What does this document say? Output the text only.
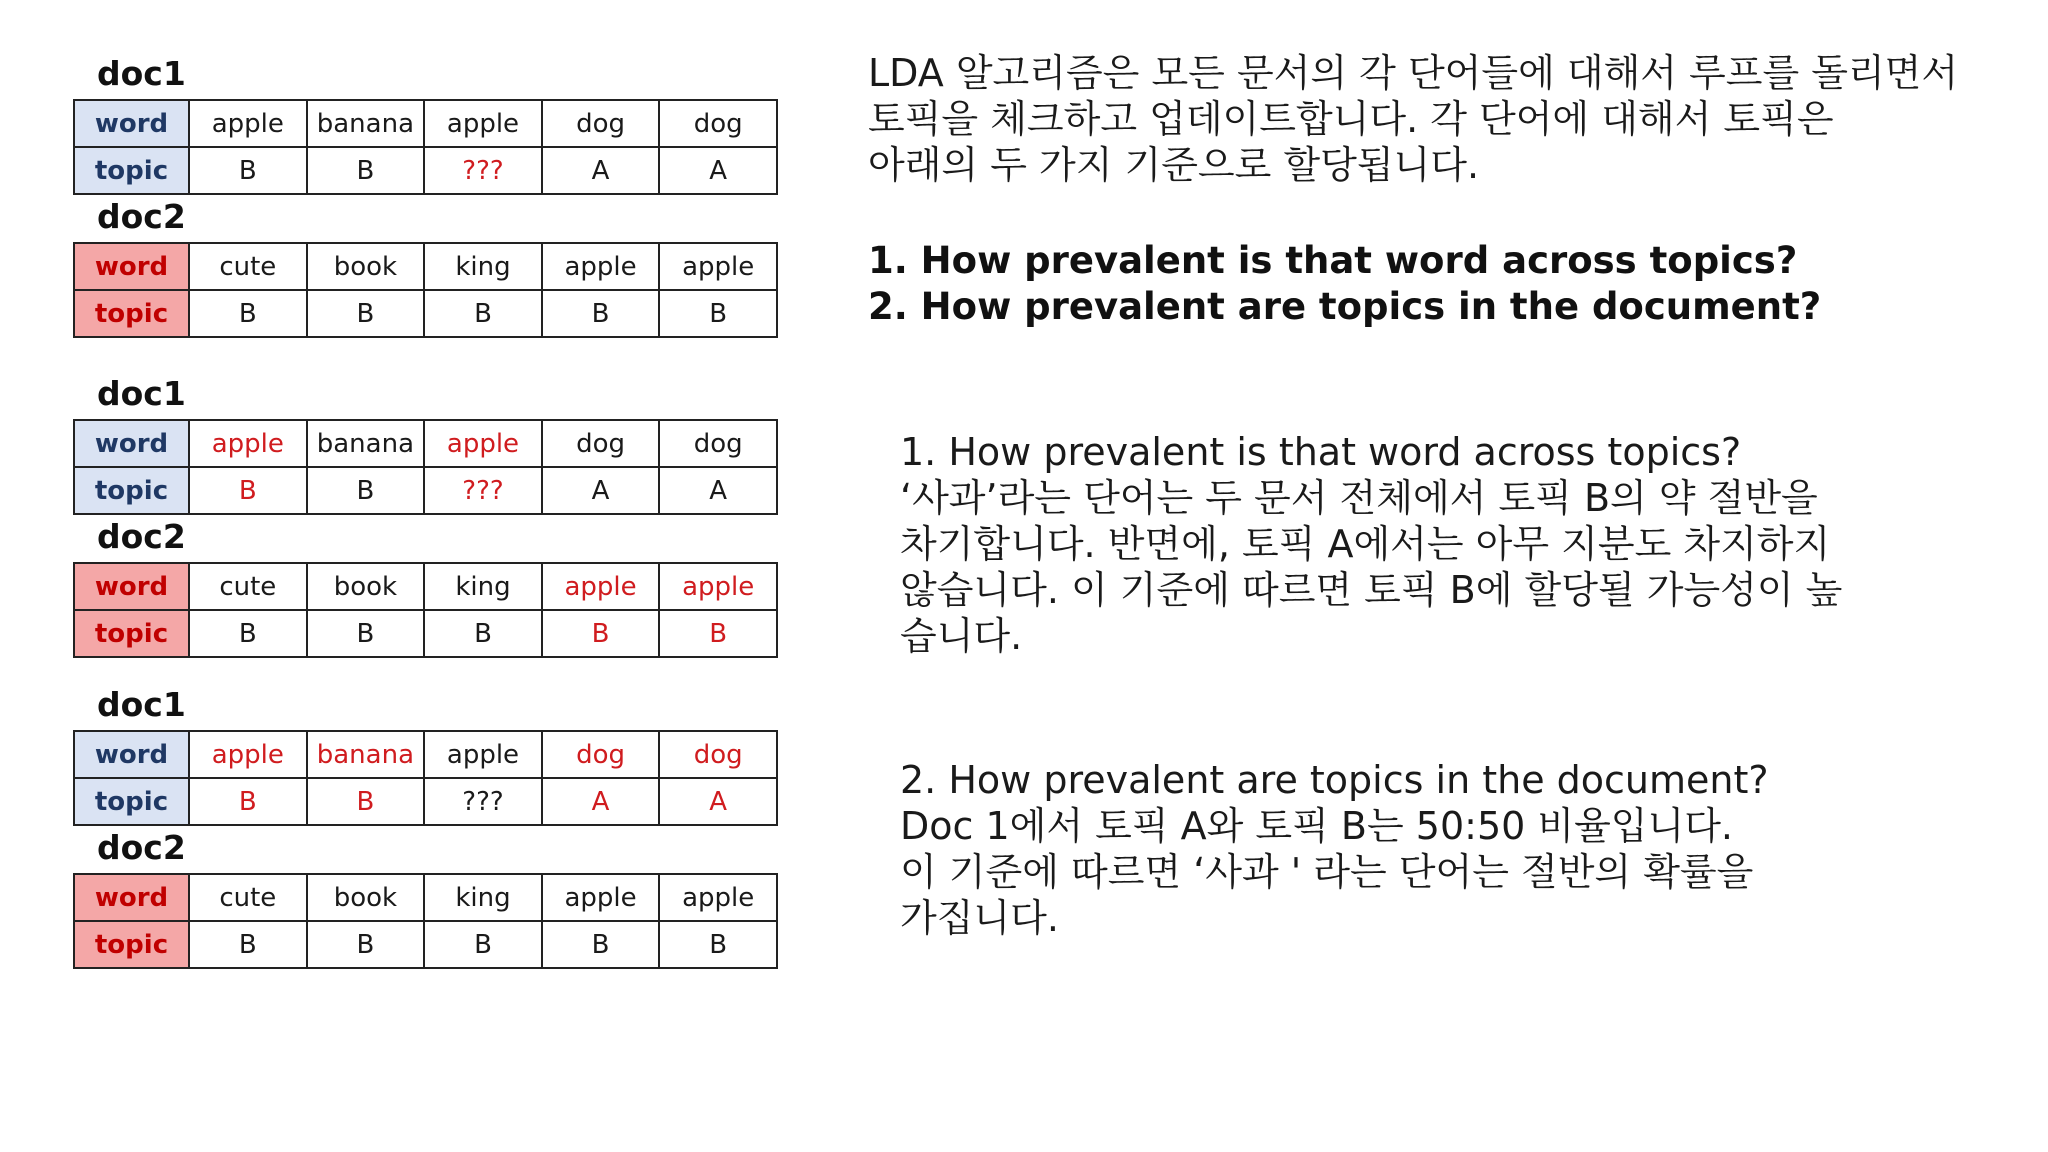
doc1
word	apple	banana	apple	dog	dog
topic	B	B	???	A	A
doc2
word	cute	book	king	apple	apple
topic	B	B	B	B	B
doc1
word	apple	banana	apple	dog	dog
topic	B	B	???	A	A
doc2
word	cute	book	king	apple	apple
topic	B	B	B	B	B
doc1
word	apple	banana	apple	dog	dog
topic	B	B	???	A	A
doc2
word	cute	book	king	apple	apple
topic	B	B	B	B	B
LDA 알고리즘은 모든 문서의 각 단어들에 대해서 루프를 돌리면서
토픽을 체크하고 업데이트합니다. 각 단어에 대해서 토픽은
아래의 두 가지 기준으로 할당됩니다.
1. How prevalent is that word across topics?
2. How prevalent are topics in the document?
1. How prevalent is that word across topics?
‘사과’라는 단어는 두 문서 전체에서 토픽 B의 약 절반을
차기합니다. 반면에, 토픽 A에서는 아무 지분도 차지하지
않습니다. 이 기준에 따르면 토픽 B에 할당될 가능성이 높
습니다.
2. How prevalent are topics in the document?
Doc 1에서 토픽 A와 토픽 B는 50:50 비율입니다.
이 기준에 따르면 ‘사과 ' 라는 단어는 절반의 확률을
가집니다.
